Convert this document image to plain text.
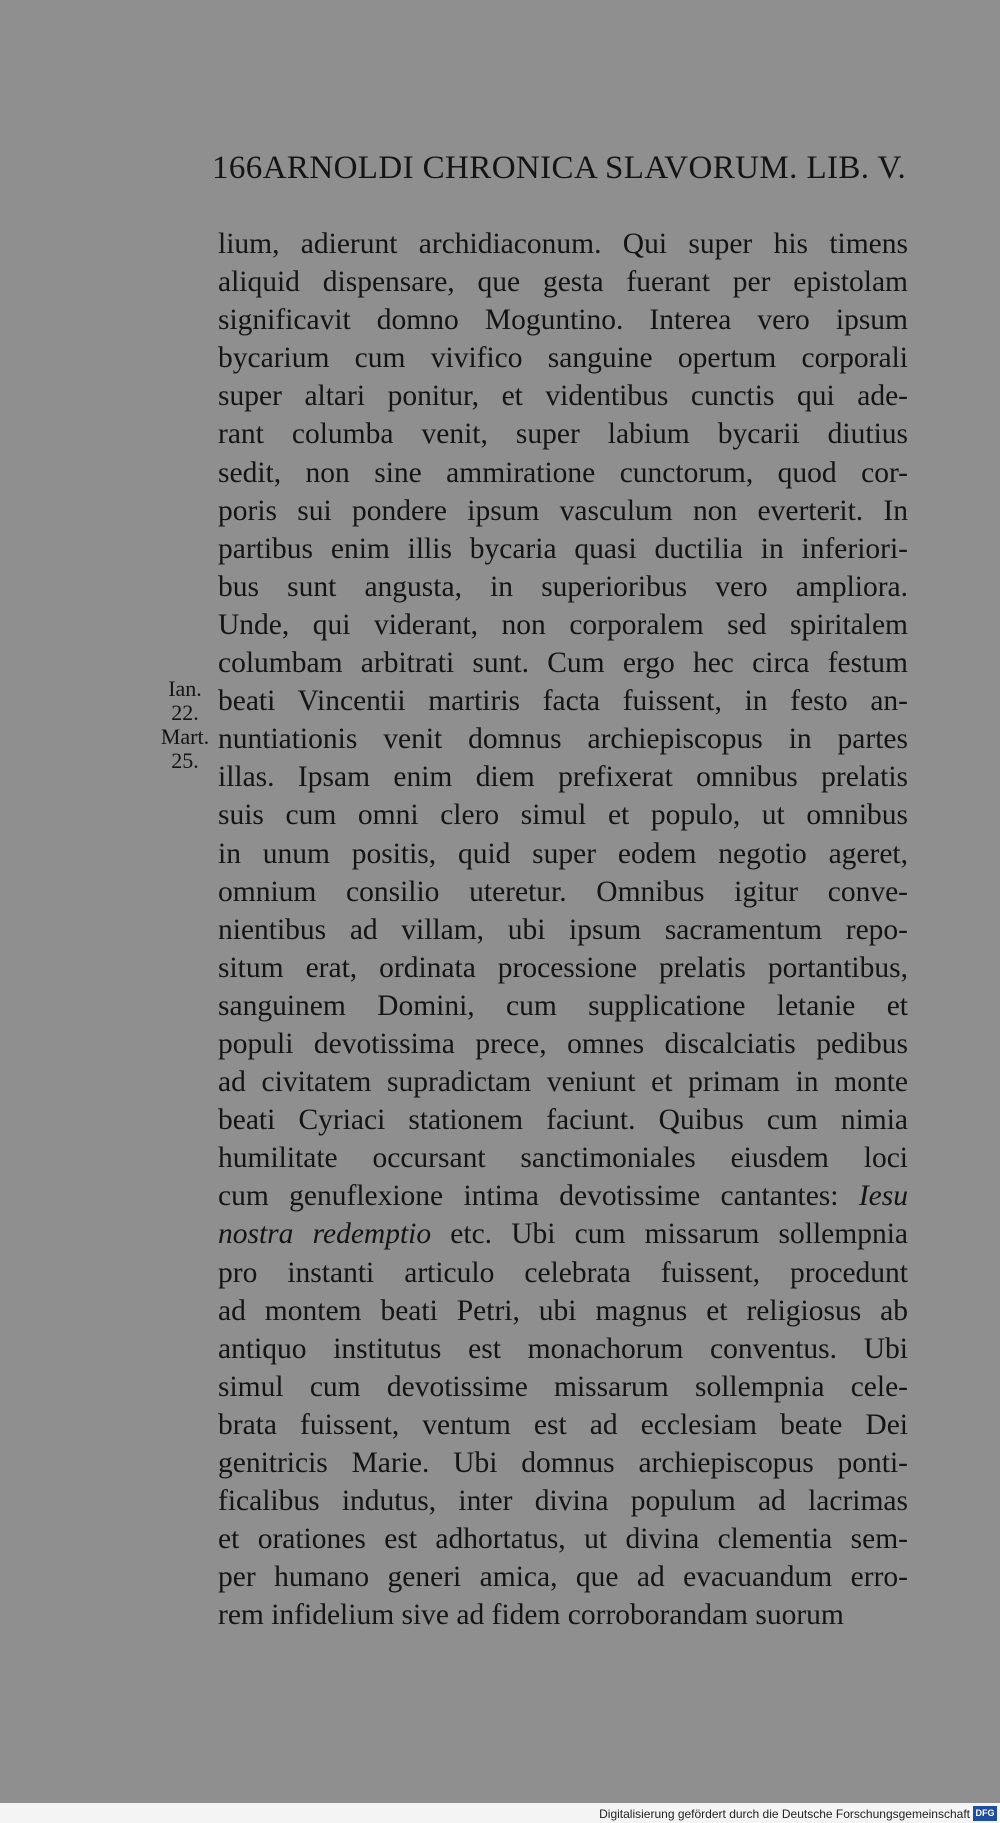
166 ARNOLDI CHRONICA SLAVORUM. LIB. V.
Ian.
22.
Mart.
25.
lium, adierunt archidiaconum. Qui super his timens
aliquid dispensare, que gesta fuerant per epistolam
significavit domno Moguntino. Interea vero ipsum
bycarium cum vivifico sanguine opertum corporali
super altari ponitur, et videntibus cunctis qui ade-
rant columba venit, super labium bycarii diutius
sedit, non sine ammiratione cunctorum, quod cor-
poris sui pondere ipsum vasculum non everterit. In
partibus enim illis bycaria quasi ductilia in inferiori-
bus sunt angusta, in superioribus vero ampliora.
Unde, qui viderant, non corporalem sed spiritalem
columbam arbitrati sunt. Cum ergo hec circa festum
beati Vincentii martiris facta fuissent, in festo an-
nuntiationis venit domnus archiepiscopus in partes
illas. Ipsam enim diem prefixerat omnibus prelatis
suis cum omni clero simul et populo, ut omnibus
in unum positis, quid super eodem negotio ageret,
omnium consilio uteretur. Omnibus igitur conve-
nientibus ad villam, ubi ipsum sacramentum repo-
situm erat, ordinata processione prelatis portantibus,
sanguinem Domini, cum supplicatione letanie et
populi devotissima prece, omnes discalciatis pedibus
ad civitatem supradictam veniunt et primam in monte
beati Cyriaci stationem faciunt. Quibus cum nimia
humilitate occursant sanctimoniales eiusdem loci
cum genuflexione intima devotissime cantantes: Iesu
nostra redemptio etc. Ubi cum missarum sollempnia
pro instanti articulo celebrata fuissent, procedunt
ad montem beati Petri, ubi magnus et religiosus ab
antiquo institutus est monachorum conventus. Ubi
simul cum devotissime missarum sollempnia cele-
brata fuissent, ventum est ad ecclesiam beate Dei
genitricis Marie. Ubi domnus archiepiscopus ponti-
ficalibus indutus, inter divina populum ad lacrimas
et orationes est adhortatus, ut divina clementia sem-
per humano generi amica, que ad evacuandum erro-
rem infidelium sive ad fidem corroborandam suorum
Digitalisierung gefördert durch die Deutsche Forschungsgemeinschaft DFG
